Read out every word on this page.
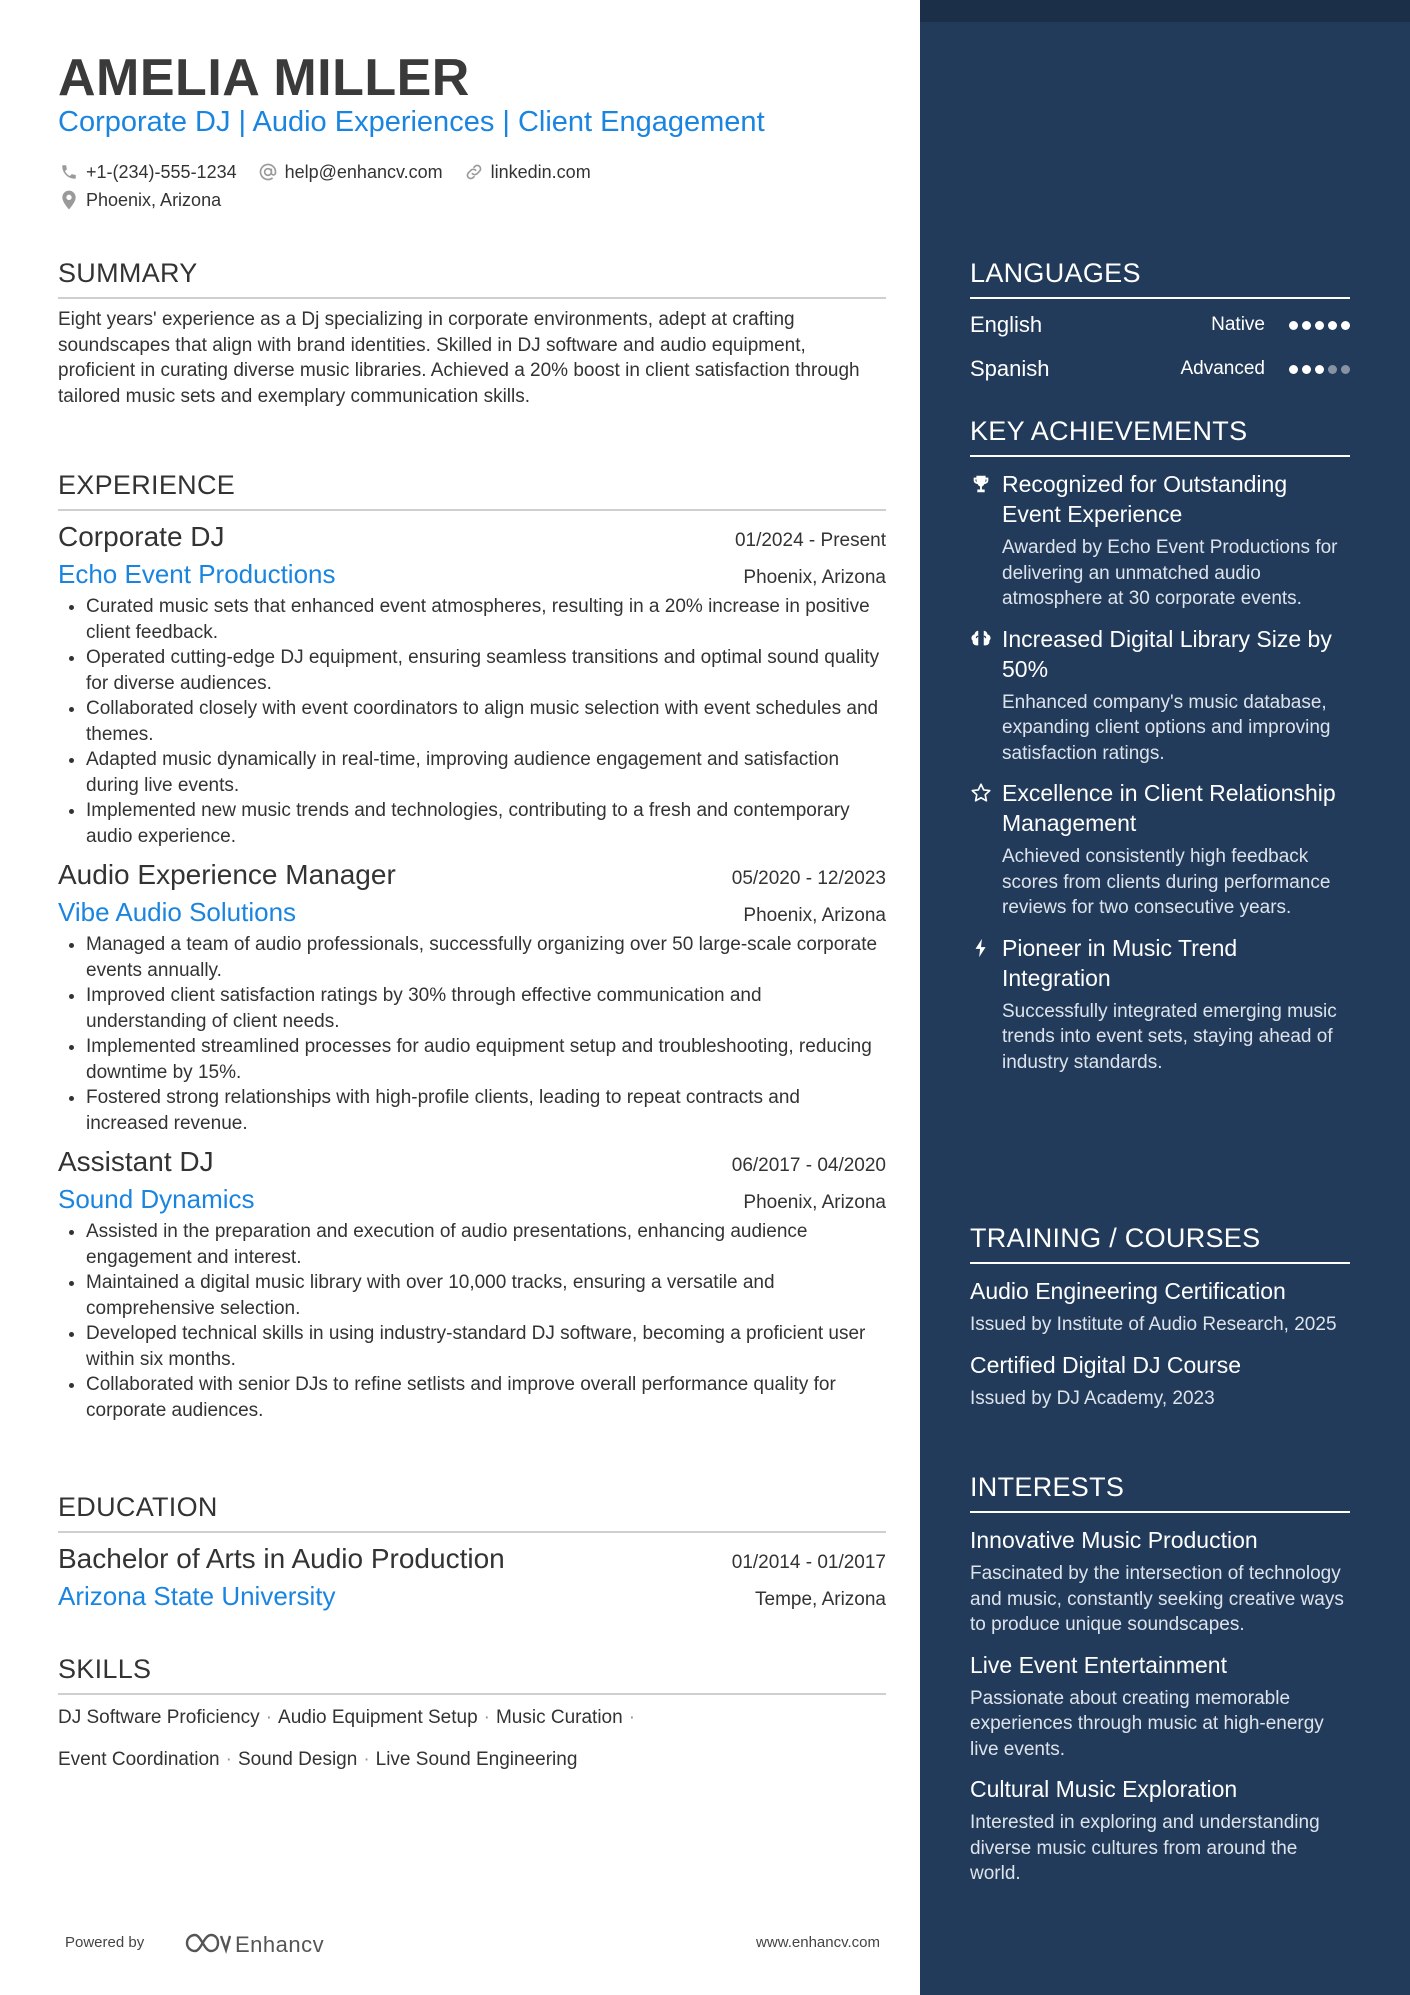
AMELIA MILLER
Corporate DJ | Audio Experiences | Client Engagement
+1-(234)-555-1234	help@enhancv.com	linkedin.com
Phoenix, Arizona
SUMMARY
Eight years' experience as a Dj specializing in corporate environments, adept at crafting soundscapes that align with brand identities. Skilled in DJ software and audio equipment, proficient in curating diverse music libraries. Achieved a 20% boost in client satisfaction through tailored music sets and exemplary communication skills.
EXPERIENCE
Corporate DJ	01/2024 - Present
Echo Event Productions	Phoenix, Arizona
• Curated music sets that enhanced event atmospheres, resulting in a 20% increase in positive client feedback.
• Operated cutting-edge DJ equipment, ensuring seamless transitions and optimal sound quality for diverse audiences.
• Collaborated closely with event coordinators to align music selection with event schedules and themes.
• Adapted music dynamically in real-time, improving audience engagement and satisfaction during live events.
• Implemented new music trends and technologies, contributing to a fresh and contemporary audio experience.
Audio Experience Manager	05/2020 - 12/2023
Vibe Audio Solutions	Phoenix, Arizona
• Managed a team of audio professionals, successfully organizing over 50 large-scale corporate events annually.
• Improved client satisfaction ratings by 30% through effective communication and understanding of client needs.
• Implemented streamlined processes for audio equipment setup and troubleshooting, reducing downtime by 15%.
• Fostered strong relationships with high-profile clients, leading to repeat contracts and increased revenue.
Assistant DJ	06/2017 - 04/2020
Sound Dynamics	Phoenix, Arizona
• Assisted in the preparation and execution of audio presentations, enhancing audience engagement and interest.
• Maintained a digital music library with over 10,000 tracks, ensuring a versatile and comprehensive selection.
• Developed technical skills in using industry-standard DJ software, becoming a proficient user within six months.
• Collaborated with senior DJs to refine setlists and improve overall performance quality for corporate audiences.
EDUCATION
Bachelor of Arts in Audio Production	01/2014 - 01/2017
Arizona State University	Tempe, Arizona
SKILLS
DJ Software Proficiency · Audio Equipment Setup · Music Curation ·
Event Coordination · Sound Design · Live Sound Engineering
Powered by	Enhancv	www.enhancv.com
LANGUAGES
English	Native
Spanish	Advanced
KEY ACHIEVEMENTS
Recognized for Outstanding Event Experience
Awarded by Echo Event Productions for delivering an unmatched audio atmosphere at 30 corporate events.
Increased Digital Library Size by 50%
Enhanced company's music database, expanding client options and improving satisfaction ratings.
Excellence in Client Relationship Management
Achieved consistently high feedback scores from clients during performance reviews for two consecutive years.
Pioneer in Music Trend Integration
Successfully integrated emerging music trends into event sets, staying ahead of industry standards.
TRAINING / COURSES
Audio Engineering Certification
Issued by Institute of Audio Research, 2025
Certified Digital DJ Course
Issued by DJ Academy, 2023
INTERESTS
Innovative Music Production
Fascinated by the intersection of technology and music, constantly seeking creative ways to produce unique soundscapes.
Live Event Entertainment
Passionate about creating memorable experiences through music at high-energy live events.
Cultural Music Exploration
Interested in exploring and understanding diverse music cultures from around the world.
